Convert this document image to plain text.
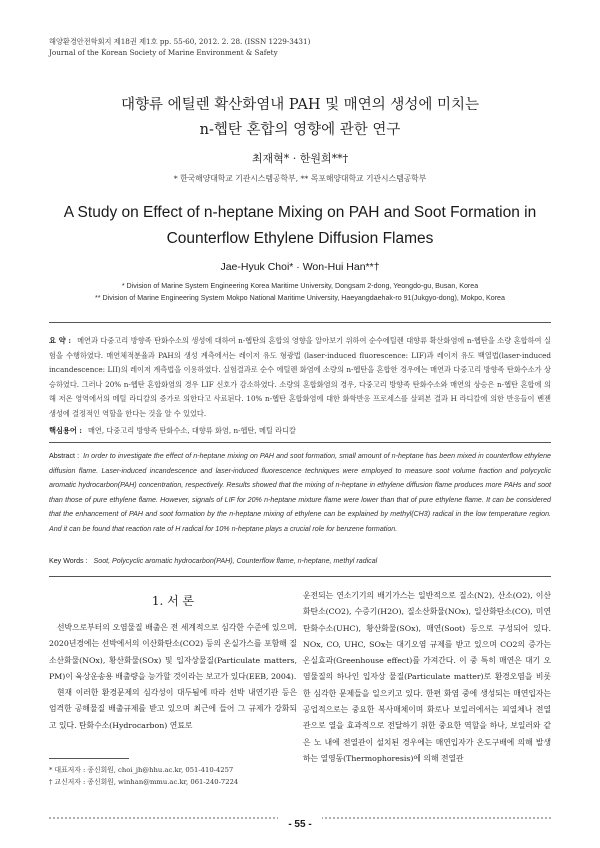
해양환경안전학회지 제18권 제1호 pp. 55-60, 2012. 2. 28. (ISSN 1229-3431)
Journal of the Korean Society of Marine Environment & Safety
대향류 에틸렌 확산화염내 PAH 및 매연의 생성에 미치는
n-헵탄 혼합의 영향에 관한 연구
최재혁* · 한원희**†
* 한국해양대학교 기관시스템공학부, ** 목포해양대학교 기관시스템공학부
A Study on Effect of n-heptane Mixing on PAH and Soot Formation in
Counterflow Ethylene Diffusion Flames
Jae-Hyuk Choi* · Won-Hui Han**†
* Division of Marine System Engineering Korea Maritime University, Dongsam 2-dong, Yeongdo-gu, Busan, Korea
** Division of Marine Engineering System Mokpo National Maritime University, Haeyangdaehak-ro 91(Jukgyo-dong), Mokpo, Korea
요 약 : 메연과 다중고리 방향족 탄화수소의 생성에 대하여 n-헵탄의 혼합의 영향을 알아보기 위하여 순수에틸렌 대향류 확산화염에 n-헵탄을 소량 혼합하여 실험을 수행하였다. 매연체적분율과 PAH의 생성 계측에서는 레이저 유도 형광법 (laser-induced fluorescence: LIF)과 레이저 유도 백열법(laser-induced incandescence: LII)의 레이저 계측법을 이용하였다. 실험결과로 순수 에틸렌 화염에 소량의 n-헵탄을 혼합한 경우에는 매연과 다중고리 방향족 탄화수소가 상승하였다. 그러나 20% n-헵탄 혼합화염의 경우 LIF 신호가 감소하였다. 소량의 혼합화염의 경우, 다중고리 방향족 탄화수소와 매연의 상승은 n-헵탄 혼합에 의해 저온 영역에서의 메틸 라디칼의 증가로 의한다고 사료된다. 10% n-헵탄 혼합화염에 대한 화학반응 프로세스를 살펴본 결과 H 라디칼에 의한 반응들이 벤젠 생성에 결정적인 역할을 한다는 것을 알 수 있었다.
핵심용어 : 매연, 다중고리 방향족 탄화수소, 대향류 화염, n-헵탄, 메틸 라디칼
Abstract : In order to investigate the effect of n-heptane mixing on PAH and soot formation, small amount of n-heptane has been mixed in counterflow ethylene diffusion flame. Laser-induced incandescence and laser-induced fluorescence techniques were employed to measure soot volume fraction and polycyclic aromatic hydrocarbon(PAH) concentration, respectively. Results showed that the mixing of n-heptane in ethylene diffusion flame produces more PAHs and soot than those of pure ethylene flame. However, signals of LIF for 20% n-heptane mixture flame were lower than that of pure ethylene flame. It can be considered that the enhancement of PAH and soot formation by the n-heptane mixing of ethylene can be explained by methyl(CH3) radical in the low temperature region. And it can be found that reaction rate of H radical for 10% n-heptane plays a crucial role for benzene formation.
Key Words : Soot, Polycyclic aromatic hydrocarbon(PAH), Counterflow flame, n-heptane, methyl radical
1. 서 론

선박으로부터의 오염물질 배출은 전 세계적으로 심각한 수준에 있으며, 2020년경에는 선박에서의 이산화탄소(CO2) 등의 온실가스를 포함해 질소산화물(NOx), 황산화물(SOx) 및 입자상물질(Particulate matters, PM)이 육상운송용 배출량을 능가할 것이라는 보고가 있다(EEB, 2004).

현재 이러한 환경문제의 심각성이 대두됨에 따라 선박 내연기관 등은 엄격한 공해물질 배출규제를 받고 있으며 최근에 들어 그 규제가 강화되고 있다. 탄화수소(Hydrocarbon) 연료로

운전되는 연소기기의 배기가스는 일반적으로 질소(N2), 산소(O2), 이산화탄소(CO2), 수증기(H2O), 질소산화물(NOx), 일산화탄소(CO), 미연탄화수소(UHC), 황산화물(SOx), 매연(Soot) 등으로 구성되어 있다. NOx, CO, UHC, SOx는 대기오염 규제를 받고 있으며 CO2의 증가는 온실효과(Greenhouse effect)를 가져간다. 이 중 특히 매연은 대기 오염물질의 하나인 입자상 물질(Particulate matter)로 환경오염을 비롯한 심각한 문제들을 일으키고 있다. 한편 화염 중에 생성되는 매연입자는 공업적으로는 중요한 복사매체이며 화로나 보일러에서는 피열체나 전열관으로 열을 효과적으로 전달하기 위한 중요한 역할을 하나, 보일러와 같은 노 내에 전열관이 설치된 경우에는 매연입자가 온도구배에 의해 발생하는 열영동(Thermophoresis)에 의해 전열관

* 대표저자 : 종신회원, choi_jh@hhu.ac.kr, 051-410-4257
† 교신저자 : 종신회원, winhan@mmu.ac.kr, 061-240-7224
- 55 -
